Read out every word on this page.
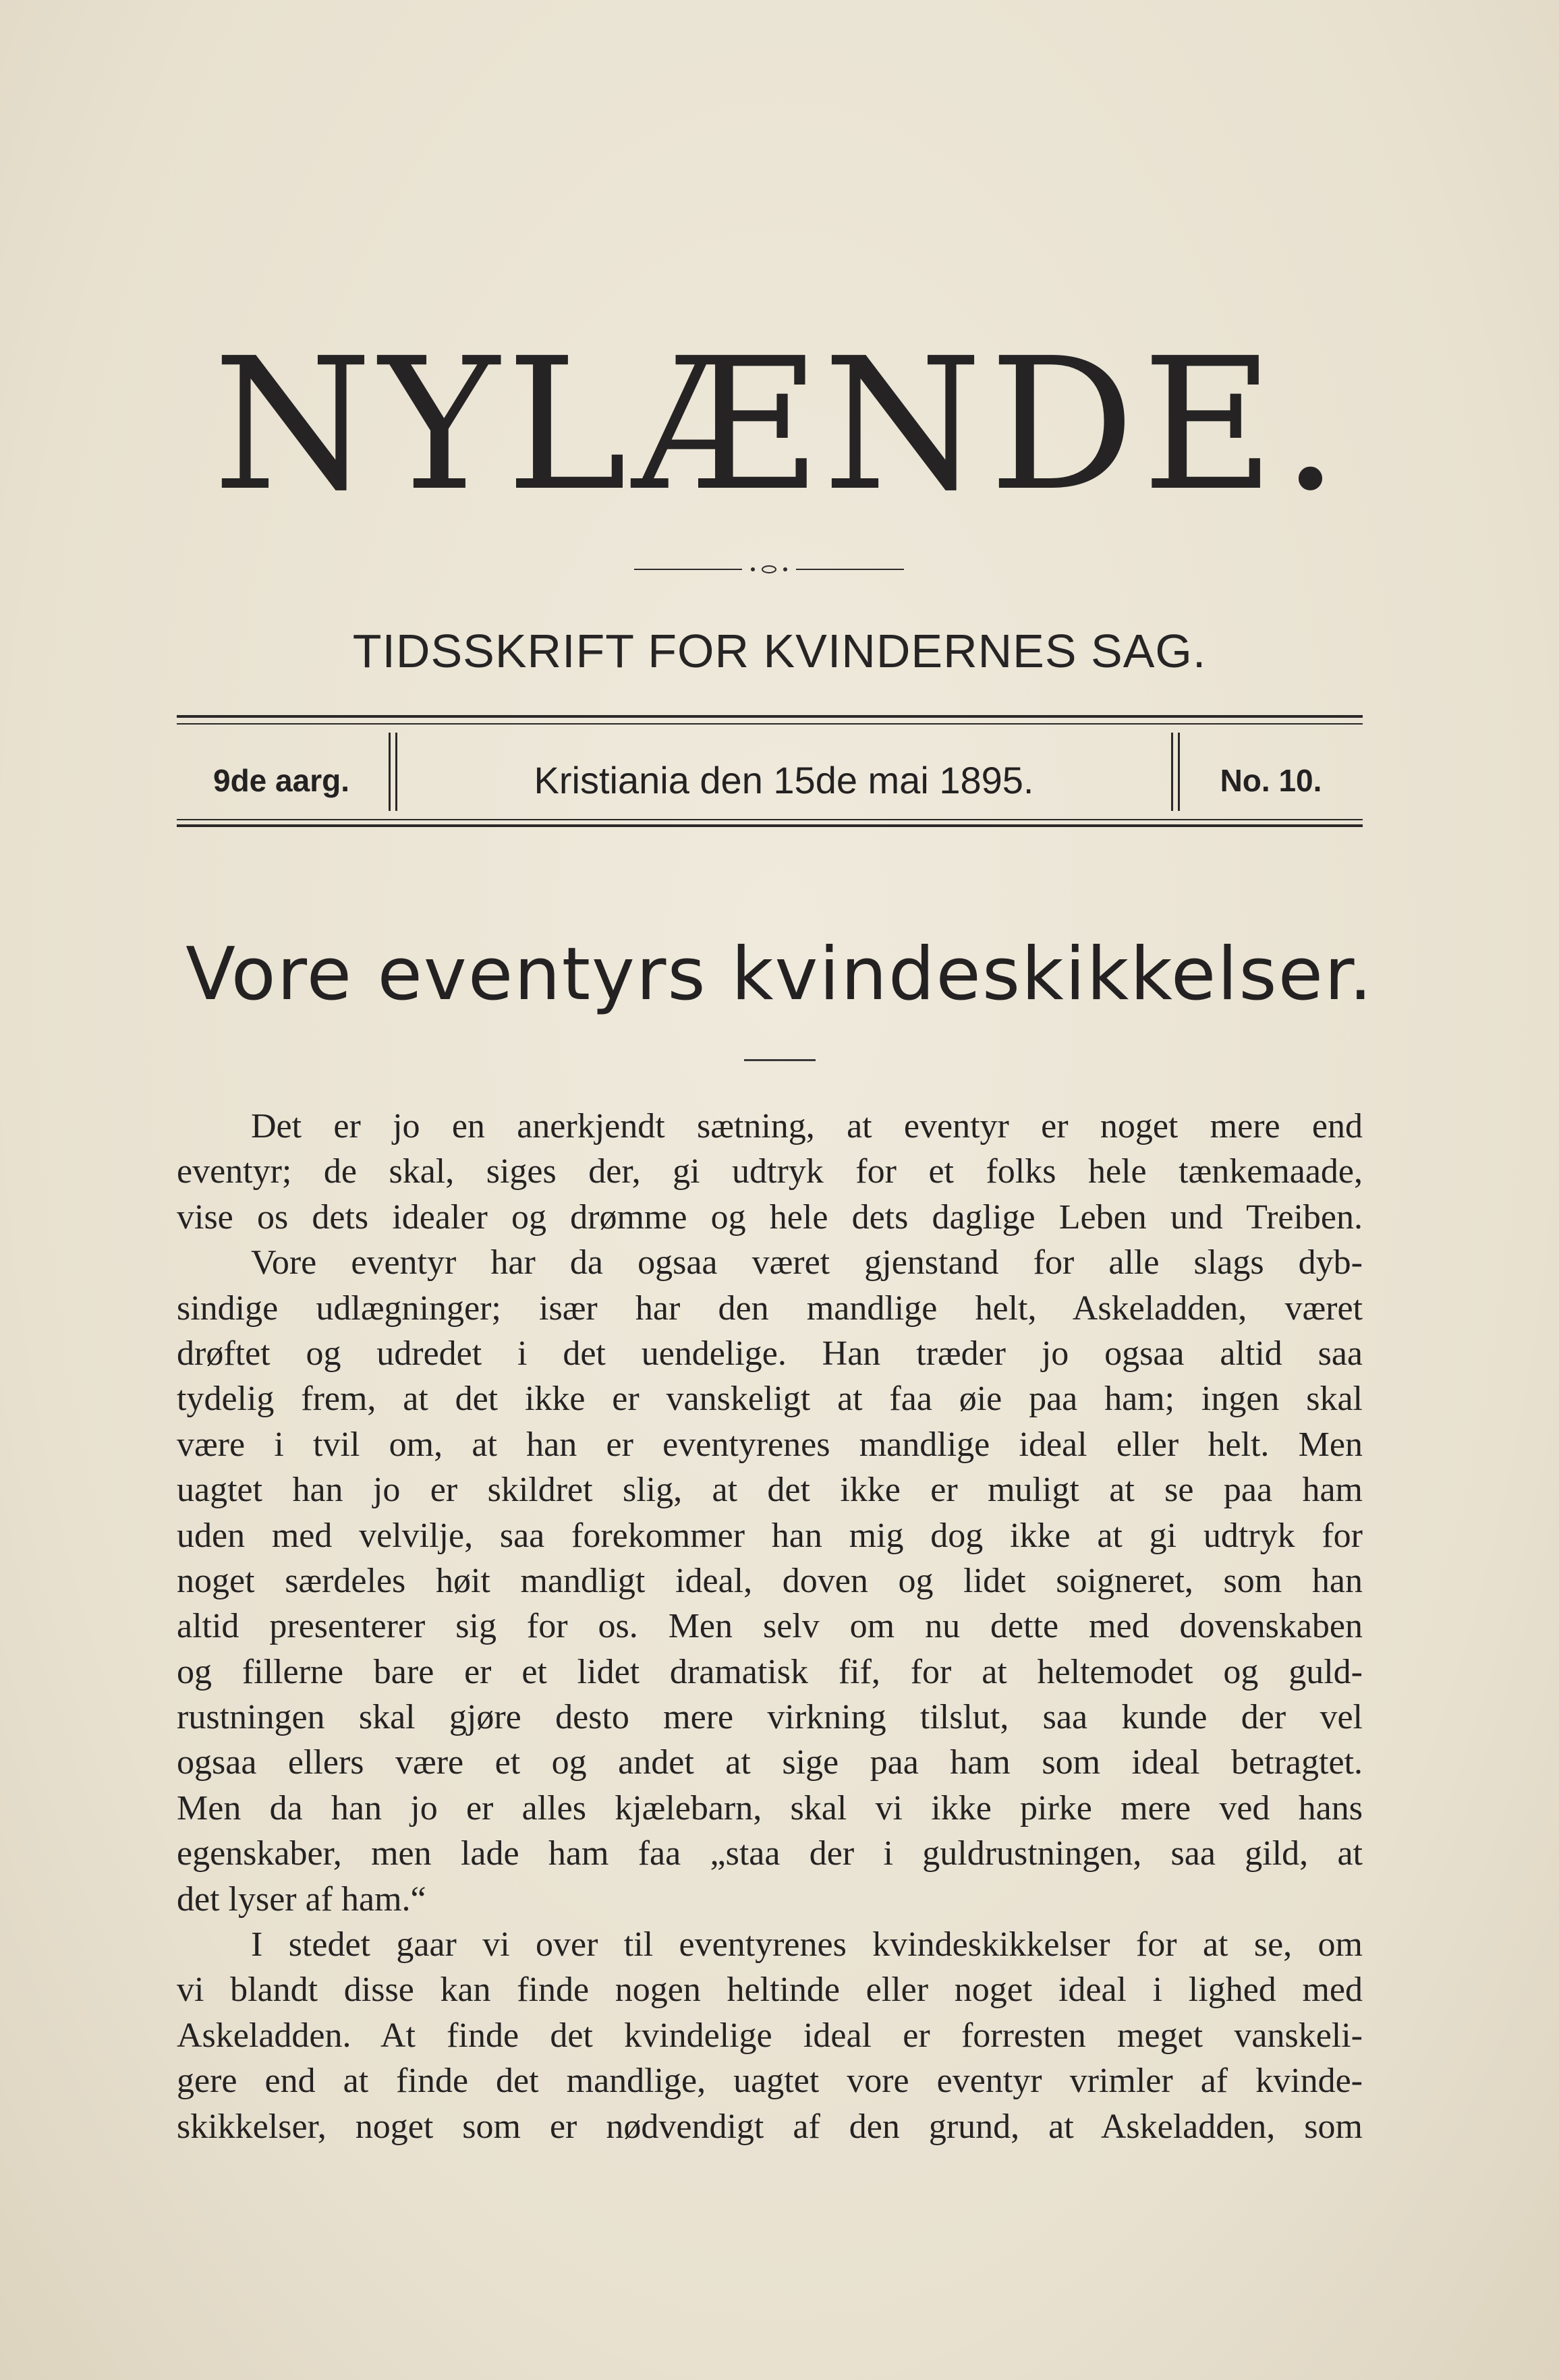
NYLÆNDE.
TIDSSKRIFT FOR KVINDERNES SAG.
9de aarg.	Kristiania den 15de mai 1895.	No. 10.
Vore eventyrs kvindeskikkelser.
Det er jo en anerkjendt sætning, at eventyr er noget mere end
eventyr; de skal, siges der, gi udtryk for et folks hele tænkemaade,
vise os dets idealer og drømme og hele dets daglige Leben und Treiben.
Vore eventyr har da ogsaa været gjenstand for alle slags dyb-
sindige udlægninger; især har den mandlige helt, Askeladden, været
drøftet og udredet i det uendelige. Han træder jo ogsaa altid saa
tydelig frem, at det ikke er vanskeligt at faa øie paa ham; ingen skal
være i tvil om, at han er eventyrenes mandlige ideal eller helt. Men
uagtet han jo er skildret slig, at det ikke er muligt at se paa ham
uden med velvilje, saa forekommer han mig dog ikke at gi udtryk for
noget særdeles høit mandligt ideal, doven og lidet soigneret, som han
altid presenterer sig for os. Men selv om nu dette med dovenskaben
og fillerne bare er et lidet dramatisk fif, for at heltemodet og guld-
rustningen skal gjøre desto mere virkning tilslut, saa kunde der vel
ogsaa ellers være et og andet at sige paa ham som ideal betragtet.
Men da han jo er alles kjælebarn, skal vi ikke pirke mere ved hans
egenskaber, men lade ham faa „staa der i guldrustningen, saa gild, at
det lyser af ham.“
I stedet gaar vi over til eventyrenes kvindeskikkelser for at se, om
vi blandt disse kan finde nogen heltinde eller noget ideal i lighed med
Askeladden. At finde det kvindelige ideal er forresten meget vanskeli-
gere end at finde det mandlige, uagtet vore eventyr vrimler af kvinde-
skikkelser, noget som er nødvendigt af den grund, at Askeladden, som
